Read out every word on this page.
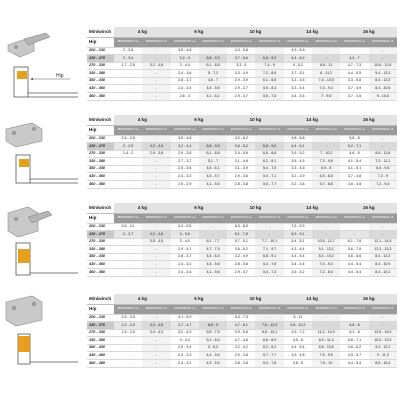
Hip
Miniwinch	4 kg		6 kg		10 kg		14 kg		16 kg	
Hip	MINIWINCH x1	MINIWINCH x2	MINIWINCH x1	MINIWINCH x2	MINIWINCH x1	MINIWINCH x2	MINIWINCH x1	MINIWINCH x2	MINIWINCH x1	MINIWINCH x2
200 - 230	2 - 2,8	-	3,5 - 4,8	-	4,3 - 5,8	-	4,9 - 6,9	-	-	-
230 - 270	2 - 3,4	-	3,2 - 4	6,8 - 9,3	3,7 - 5,6	6,8 - 9,2	4,4 - 6,2	-	4,4 - 7	-
270 - 330	1,7 - 2,5	3,2 - 4,8	3 - 4,4	6,1 - 8,8	3,3 - 5	7,4 - 9	4 - 5,2	8,8 - 11	4,7 - 7,3	10,6 - 12,6
330 - 380	-	-	2,4 - 3,6	5 - 7,2	3,3 - 4,9	7,2 - 8,8	3,7 - 5,1	8 - 11,2	4,4 - 5,5	9,4 - 13,3
380 - 430	-	-	2,8 - 3,7	4,5 - 7	2,9 - 3,9	6,1 - 8,8	3,2 - 4,5	7,4 - 10,5	3,3 - 5,6	8,4 - 12,2
430 - 460	-	-	2,3 - 3,4	4,5 - 5,6	2,9 - 3,7	5,9 - 8,3	3,3 - 4,4	7,4 - 9,4	3,7 - 4,9	8,4 - 10,6
460 - 480	-	-	2,6 - 3	4,1 - 6,1	2,9 - 3,7	5,5 - 7,5	3,4 - 4,5	7 - 9,5	3,7 - 4,5	9 - 10,6
Miniwinch	4 kg		6 kg		10 kg		14 kg		16 kg	
Hip	MINIWINCH x1	MINIWINCH x2	MINIWINCH x1	MINIWINCH x2	MINIWINCH x1	MINIWINCH x2	MINIWINCH x1	MINIWINCH x2	MINIWINCH x1	MINIWINCH x2
200 - 230	2,4 - 2,8	-	3,5 - 4,8	-	4,2 - 6,2	-	4,8 - 6,8	-	5,8 - 8	-
230 - 270	2 - 2,5	4,2 - 4,8	3,2 - 4,4	6,8 - 9,5	3,6 - 5,2	6,8 - 9,6	4,4 - 6,1	-	5,2 - 7,1	-
270 - 330	1,4 - 2	2,9 - 3,8	2,9 - 3,8	6,1 - 8,8	3,4 - 4,6	6,8 - 8,8	3,9 - 5,2	7 - 10,2	4,6 - 6	8,8 - 11,6
330 - 380	-	-	2,7 - 3,7	5,1 - 7	3,1 - 4,6	6,2 - 8,1	3,5 - 4,5	7,3 - 9,6	4,1 - 5,4	7,3 - 11,1
380 - 430	-	-	2,5 - 3,6	4,5 - 6,1	3,1 - 3,9	5,4 - 7,5	3,3 - 4,5	6,9 - 8	4,1 - 5,1	8,4 - 9,6
430 - 460	-	-	2,3 - 3,3	4,5 - 5,7	2,9 - 3,6	5,4 - 7,1	3,2 - 3,9	6,5 - 8,5	3,7 - 4,8	7,3 - 9
460 - 480	-	-	2,5 - 2,9	4,1 - 5,5	2,8 - 3,8	5,5 - 7,7	3,2 - 3,8	5,7 - 8,8	3,8 - 4,8	7,2 - 9,4
Miniwinch	4 kg		6 kg		10 kg		14 kg		16 kg	
Hip	MINIWINCH x1	MINIWINCH x2	MINIWINCH x1	MINIWINCH x2	MINIWINCH x1	MINIWINCH x2	MINIWINCH x1	MINIWINCH x2	MINIWINCH x1	MINIWINCH x2
200 - 230	2,6 - 3,1	-	4,4 - 5,5	-	6,3 - 8,5	-	7,5 - 9,3	-	-	-
230 - 270	2 - 2,7	4,2 - 4,8	4 - 5,6	-	6,1 - 7,8	-	6,9 - 9,1	-	-	-
270 - 330	-	3,5 - 4,5	3 - 4,9	6,1 - 7,7	5,7 - 5,1	7,7 - 10,1	5,4 - 5,1	10,5 - 12,7	6,1 - 7,8	12,1 - 14,5
330 - 380	-	-	2,9 - 4,1	4,7 - 7,9	3,6 - 5,2	7,1 - 9,7	4,3 - 6,4	9,1 - 12,1	5,6 - 7,5	12,3 - 13,3
380 - 430	-	-	2,8 - 3,7	4,4 - 6,4	3,2 - 4,9	6,8 - 9,1	4,4 - 5,4	8,4 - 10,2	4,6 - 5,6	8,4 - 12,2
430 - 460	-	-	2,3 - 3,2	4,4 - 5,8	2,8 - 3,8	5,4 - 7,8	3,4 - 4,4	7,4 - 9,4	4,4 - 5,4	8,4 - 10,9
460 - 480	-	-	2,3 - 3,4	4,1 - 5,6	2,9 - 3,7	5,4 - 7,3	3,5 - 4,2	7,2 - 8,4	4,4 - 5,4	8,4 - 10,1
Miniwinch	4 kg		6 kg		10 kg		14 kg		16 kg	
Hip	MINIWINCH x1	MINIWINCH x2	MINIWINCH x1	MINIWINCH x2	MINIWINCH x1	MINIWINCH x2	MINIWINCH x1	MINIWINCH x2	MINIWINCH x1	MINIWINCH x2
200 - 230	2,5 - 3,5	-	4,1 - 5,9	-	5,3 - 7,3	-	6 - 11	-	-	-
230 - 270	2,2 - 2,9	4,3 - 4,8	3,7 - 4,7	6,8 - 9	4,7 - 6,1	7,6 - 12,9	5,8 - 10,2	-	6,8 - 8	-
270 - 330	1,9 - 2,5	3,4 - 4,3	3,2 - 4,3	5,5 - 7,9	3,9 - 5,6	6,6 - 10,1	4,9 - 7,2	11,3 - 14,9	6,1 - 8	12,9 - 15,9
330 - 380	-	-	3 - 4,2	5,1 - 6,5	3,7 - 4,6	6,6 - 8,9	4,5 - 6	8,9 - 11,4	5,8 - 7,1	10,5 - 12,9
380 - 430	-	-	2,5 - 3,4	5 - 6,2	3,2 - 4,2	6,2 - 8,2	4,4 - 5,4	8,8 - 10,6	4,8 - 6,2	9,4 - 12,2
430 - 460	-	-	2,3 - 3,3	4,4 - 5,6	2,9 - 3,8	5,7 - 7,7	3,9 - 4,8	7,5 - 9,5	4,5 - 5,7	9 - 11,3
460 - 480	-	-	2,4 - 3,2	4,3 - 5,5	2,8 - 3,8	5,9 - 7,8	3,8 - 5	7,6 - 10	4,4 - 5,4	8,8 - 10,4
